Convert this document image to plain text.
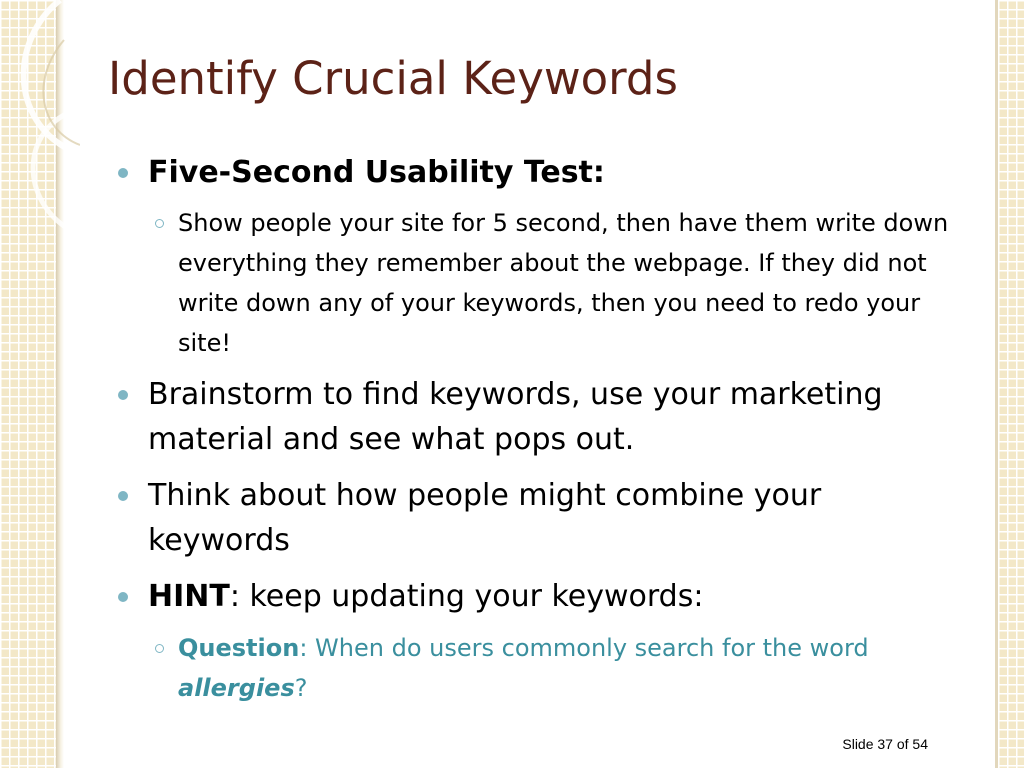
Identify Crucial Keywords
Five-Second Usability Test:
Show people your site for 5 second, then have them write down everything they remember about the webpage. If they did not write down any of your keywords, then you need to redo your site!
Brainstorm to find keywords, use your marketing material and see what pops out.
Think about how people might combine your keywords
HINT: keep updating your keywords:
Question: When do users commonly search for the word allergies?
Slide 37 of 54
